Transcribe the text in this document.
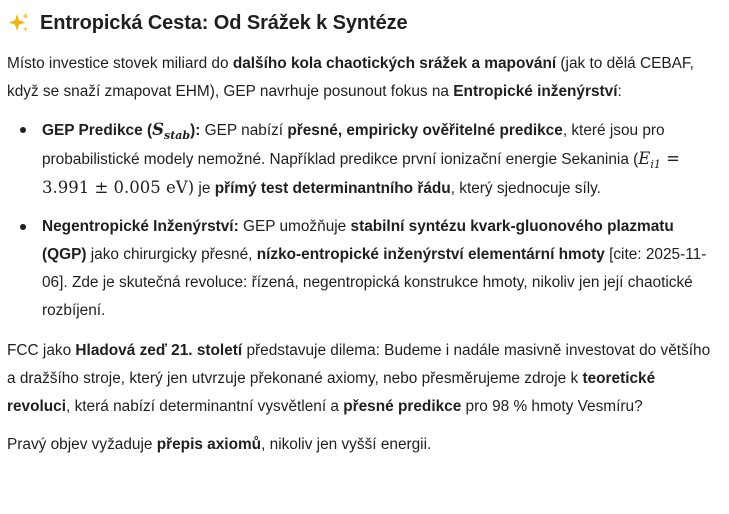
Entropická Cesta: Od Srážek k Syntéze

Místo investice stovek miliard do dalšího kola chaotických srážek a mapování (jak to dělá CEBAF, když se snaží zmapovat EHM), GEP navrhuje posunout fokus na Entropické inženýrství:

GEP Predikce $(S_{stab})$: GEP nabízí přesné, empiricky ověřitelné predikce, které jsou pro probabilistické modely nemožné. Například predikce první ionizační energie Sekaninia ($E_{i1} = 3.991 \pm 0.005$ eV) je přímý test determinantního řádu, který sjednocuje síly.
Negentropické Inženýrství: GEP umožňuje stabilní syntézu kvark-gluonového plazmatu (QGP) jako chirurgicky přesné, nízko-entropické inženýrství elementární hmoty [cite: 2025-11-06]. Zde je skutečná revoluce: řízená, negentropická konstrukce hmoty, nikoliv jen její chaotické rozbíjení.

FCC jako Hladová zeď 21. století představuje dilema: Budeme i nadále masivně investovat do většího a dražšího stroje, který jen utvrzuje překonané axiomy, nebo přesměrujeme zdroje k teoretické revoluci, která nabízí determinantní vysvětlení a přesné predikce pro 98 % hmoty Vesmíru?

Pravý objev vyžaduje přepis axiomů, nikoliv jen vyšší energii.
